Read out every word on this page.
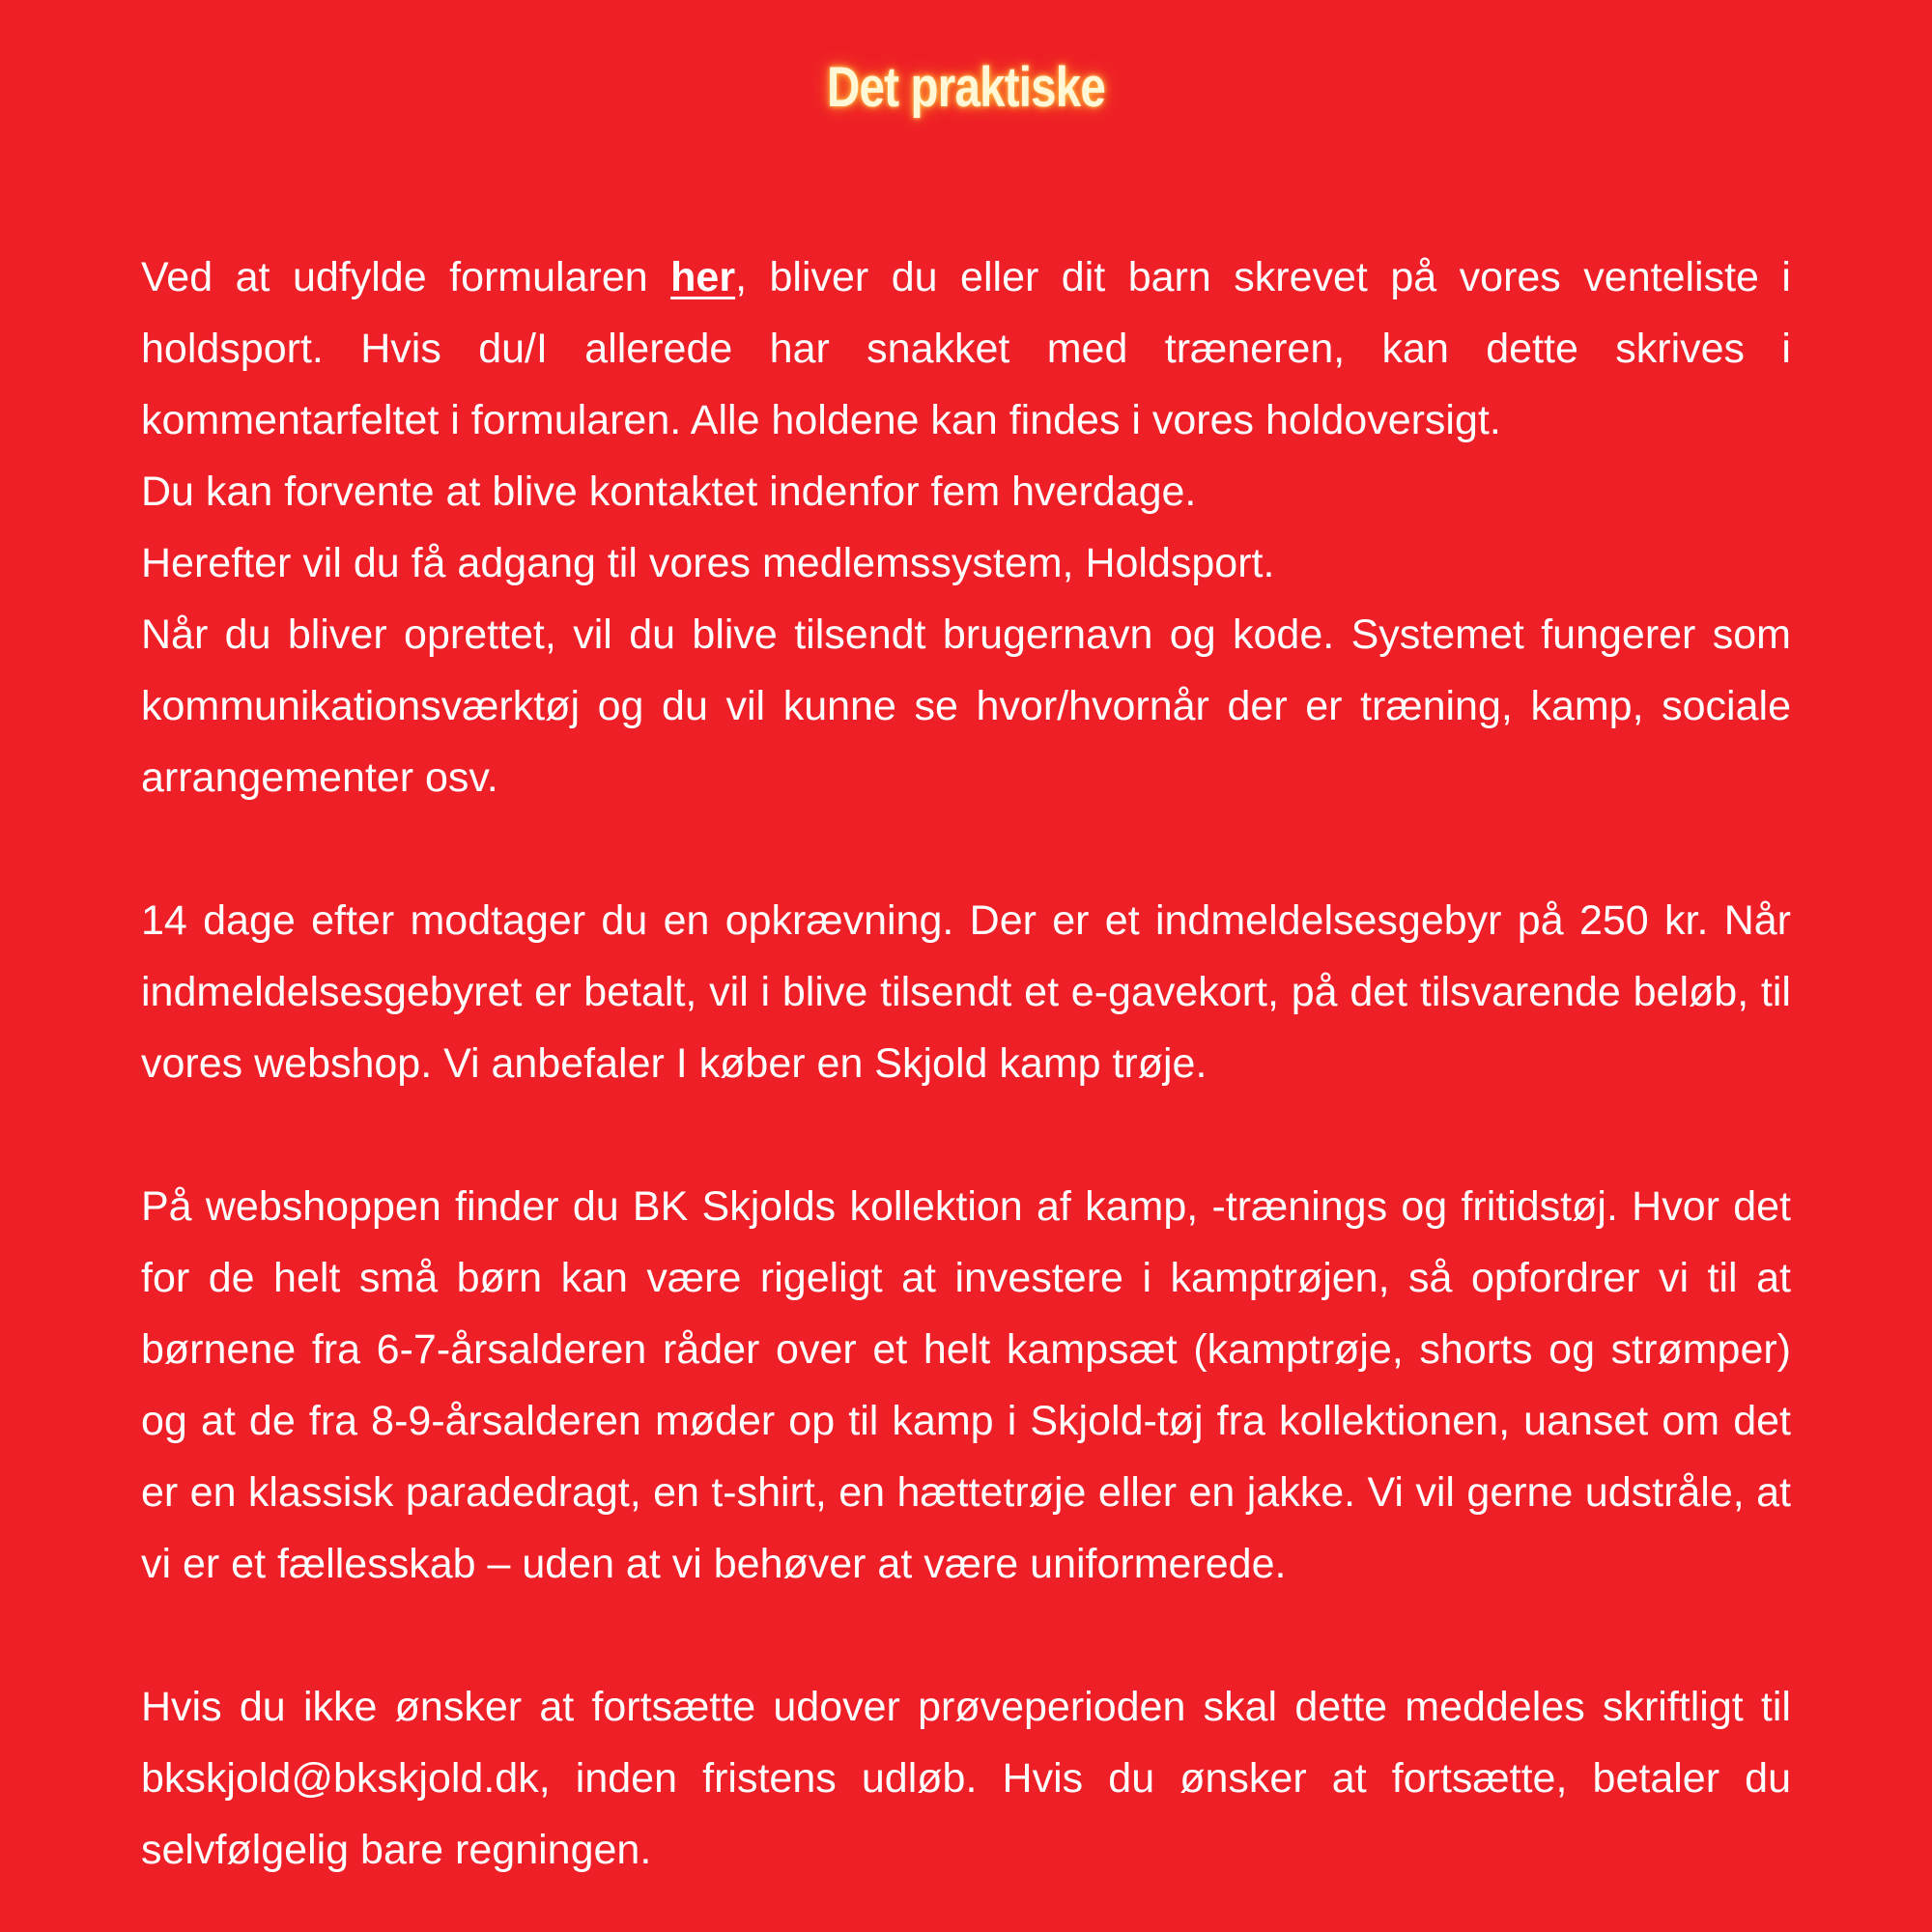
Det praktiske
Ved at udfylde formularen her, bliver du eller dit barn skrevet på vores venteliste i holdsport. Hvis du/I allerede har snakket med træneren, kan dette skrives i kommentarfeltet i formularen. Alle holdene kan findes i vores holdoversigt.
Du kan forvente at blive kontaktet indenfor fem hverdage.
Herefter vil du få adgang til vores medlemssystem, Holdsport.
Når du bliver oprettet, vil du blive tilsendt brugernavn og kode. Systemet fungerer som kommunikationsværktøj og du vil kunne se hvor/hvornår der er træning, kamp, sociale arrangementer osv.
14 dage efter modtager du en opkrævning. Der er et indmeldelsesgebyr på 250 kr. Når indmeldelsesgebyret er betalt, vil i blive tilsendt et e-gavekort, på det tilsvarende beløb, til vores webshop. Vi anbefaler I køber en Skjold kamp trøje.
På webshoppen finder du BK Skjolds kollektion af kamp, -trænings og fritidstøj. Hvor det for de helt små børn kan være rigeligt at investere i kamptrøjen, så opfordrer vi til at børnene fra 6-7-årsalderen råder over et helt kampsæt (kamptrøje, shorts og strømper) og at de fra 8-9-årsalderen møder op til kamp i Skjold-tøj fra kollektionen, uanset om det er en klassisk paradedragt, en t-shirt, en hættetrøje eller en jakke. Vi vil gerne udstråle, at vi er et fællesskab – uden at vi behøver at være uniformerede.
Hvis du ikke ønsker at fortsætte udover prøveperioden skal dette meddeles skriftligt til bkskjold@bkskjold.dk, inden fristens udløb. Hvis du ønsker at fortsætte, betaler du selvfølgelig bare regningen.
